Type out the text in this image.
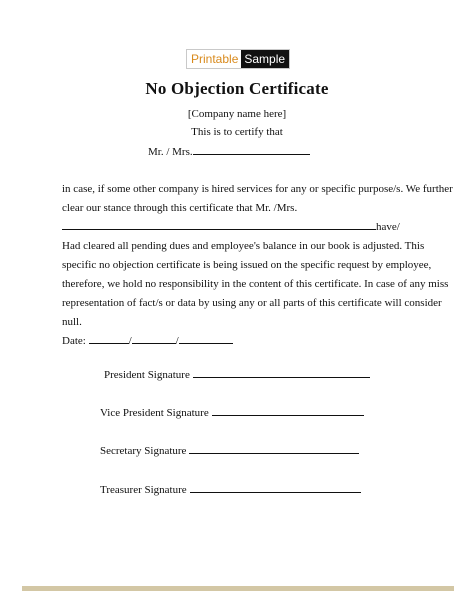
Printable Sample
No Objection Certificate
[Company name here]
This is to certify that
Mr. / Mrs.
in case, if some other company is hired services for any or specific purpose/s. We further
clear our stance through this certificate that Mr. /Mrs.
have/
Had cleared all pending dues and employee's balance in our book is adjusted. This
specific no objection certificate is being issued on the specific request by employee,
therefore, we hold no responsibility in the content of this certificate. In case of any miss
representation of fact/s or data by using any or all parts of this certificate will consider
null.
Date:	/	/
President Signature
Vice President Signature
Secretary Signature
Treasurer Signature
